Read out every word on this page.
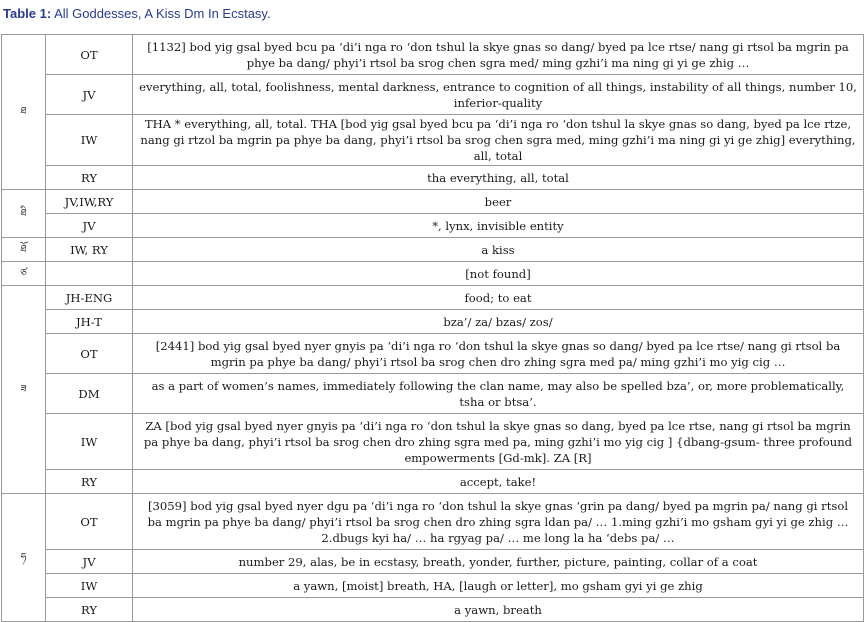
Table 1: All Goddesses, A Kiss Dm In Ecstasy.
ཐ	OT	[1132] bod yig gsal byed bcu pa ‘di’i nga ro ‘don tshul la skye gnas so dang/ byed pa lce rtse/ nang gi rtsol ba mgrin pa phye ba dang/ phyi’i rtsol ba srog chen sgra med/ ming gzhi’i ma ning gi yi ge zhig …
	JV	everything, all, total, foolishness, mental darkness, entrance to cognition of all things, instability of all things, number 10, inferior-quality
	IW	THA * everything, all, total. THA [bod yig gsal byed bcu pa ‘di’i nga ro ‘don tshul la skye gnas so dang, byed pa lce rtze, nang gi rtzol ba mgrin pa phye ba dang, phyi’i rtsol ba srog chen sgra med, ming gzhi’i ma ning gi yi ge zhig] everything, all, total
	RY	tha everything, all, total
ཐི	JV,IW,RY	beer
	JV	*, lynx, invisible entity
ཐོ	IW, RY	a kiss
ཙ		[not found]
ཟ	JH-ENG	food; to eat
	JH-T	bza’/ za/ bzas/ zos/
	OT	[2441] bod yig gsal byed nyer gnyis pa ‘di’i nga ro ‘don tshul la skye gnas so dang/ byed pa lce rtse/ nang gi rtsol ba mgrin pa phye ba dang/ phyi’i rtsol ba srog chen dro zhing sgra med pa/ ming gzhi’i mo yig cig …
	DM	as a part of women’s names, immediately following the clan name, may also be spelled bza’, or, more problematically, tsha or btsa’.
	IW	ZA [bod yig gsal byed nyer gnyis pa ‘di’i nga ro ‘don tshul la skye gnas so dang, byed pa lce rtse, nang gi rtsol ba mgrin pa phye ba dang, phyi’i rtsol ba srog chen dro zhing sgra med pa, ming gzhi’i mo yig cig ] {dbang-gsum- three profound empowerments [Gd-mk]. ZA [R]
	RY	accept, take!
ཧ	OT	[3059] bod yig gsal byed nyer dgu pa ‘di’i nga ro ‘don tshul la skye gnas ‘grin pa dang/ byed pa mgrin pa/ nang gi rtsol ba mgrin pa phye ba dang/ phyi’i rtsol ba srog chen dro zhing sgra ldan pa/ … 1.ming gzhi’i mo gsham gyi yi ge zhig … 2.dbugs kyi ha/ … ha rgyag pa/ … me long la ha ‘debs pa/ …
	JV	number 29, alas, be in ecstasy, breath, yonder, further, picture, painting, collar of a coat
	IW	a yawn, [moist] breath, HA, [laugh or letter], mo gsham gyi yi ge zhig
	RY	a yawn, breath
